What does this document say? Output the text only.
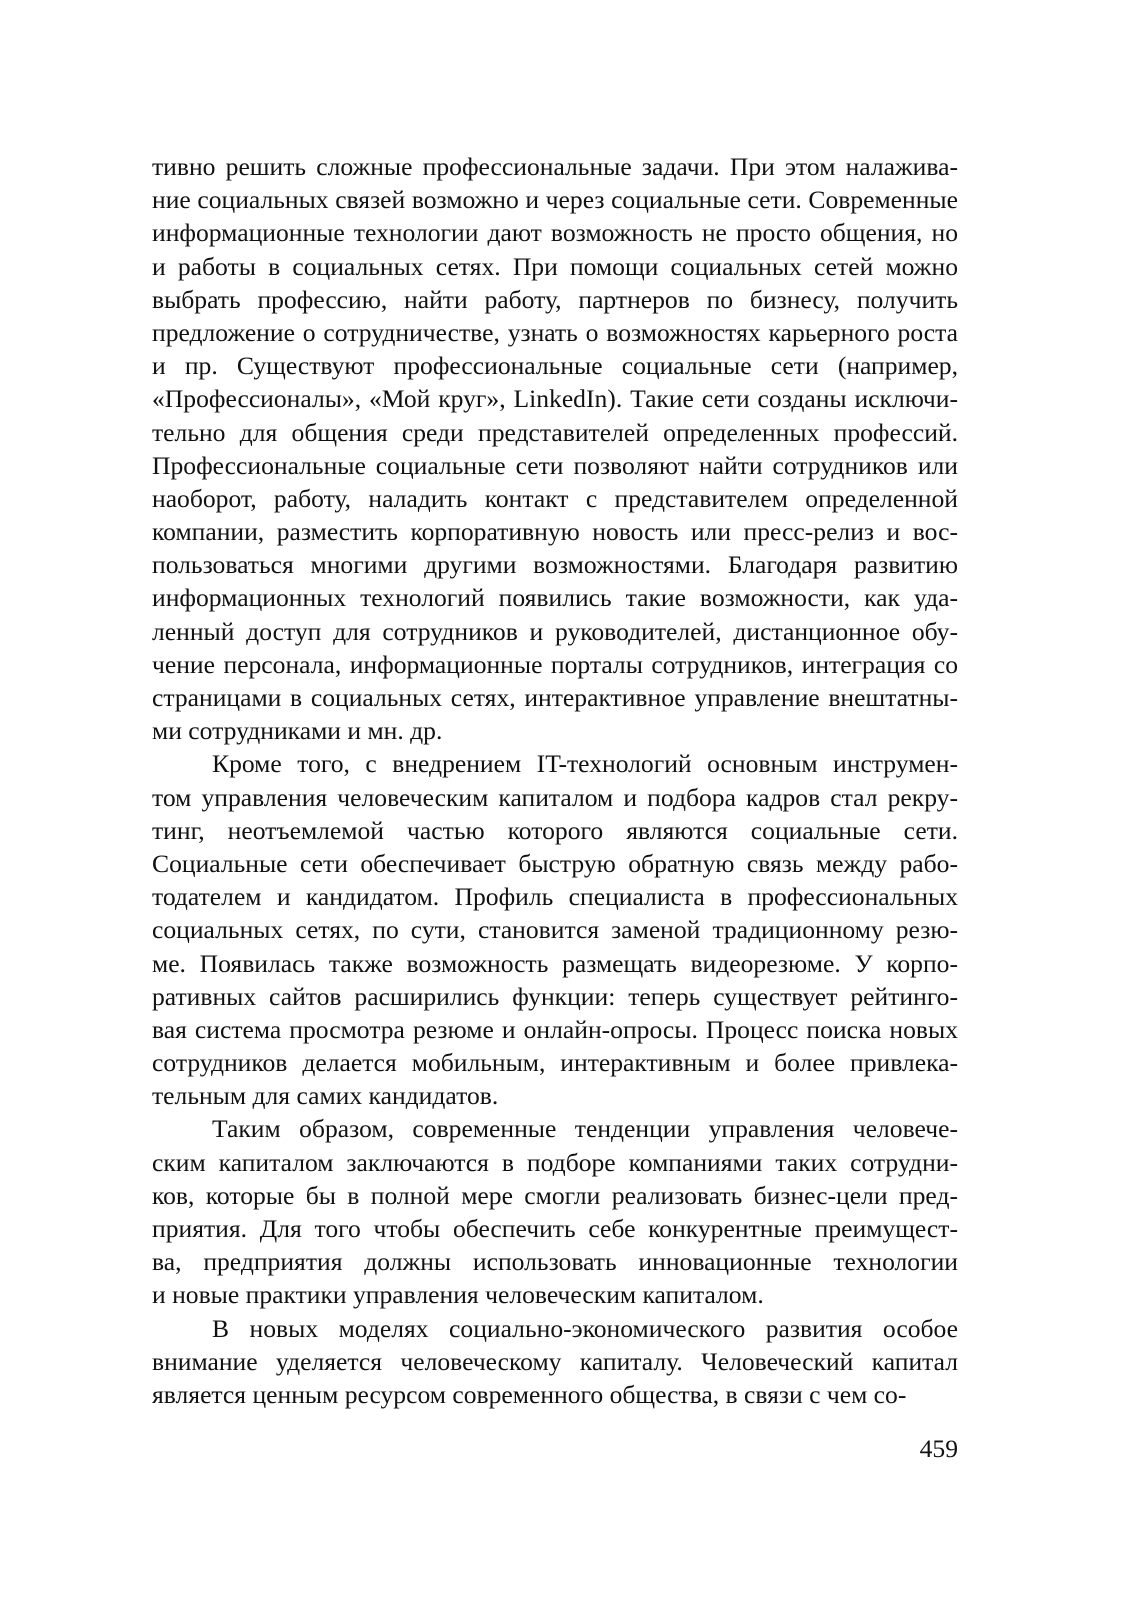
тивно решить сложные профессиональные задачи. При этом налажива-
ние социальных связей возможно и через социальные сети. Современные
информационные технологии дают возможность не просто общения, но
и работы в социальных сетях. При помощи социальных сетей можно
выбрать профессию, найти работу, партнеров по бизнесу, получить
предложение о сотрудничестве, узнать о возможностях карьерного роста
и пр. Существуют профессиональные социальные сети (например,
«Профессионалы», «Мой круг», LinkedIn). Такие сети созданы исключи-
тельно для общения среди представителей определенных профессий.
Профессиональные социальные сети позволяют найти сотрудников или
наоборот, работу, наладить контакт с представителем определенной
компании, разместить корпоративную новость или пресс-релиз и вос-
пользоваться многими другими возможностями. Благодаря развитию
информационных технологий появились такие возможности, как уда-
ленный доступ для сотрудников и руководителей, дистанционное обу-
чение персонала, информационные порталы сотрудников, интеграция со
страницами в социальных сетях, интерактивное управление внештатны-
ми сотрудниками и мн. др.
Кроме того, с внедрением IT-технологий основным инструмен-
том управления человеческим капиталом и подбора кадров стал рекру-
тинг, неотъемлемой частью которого являются социальные сети.
Социальные сети обеспечивает быструю обратную связь между рабо-
тодателем и кандидатом. Профиль специалиста в профессиональных
социальных сетях, по сути, становится заменой традиционному резю-
ме. Появилась также возможность размещать видеорезюме. У корпо-
ративных сайтов расширились функции: теперь существует рейтинго-
вая система просмотра резюме и онлайн-опросы. Процесс поиска новых
сотрудников делается мобильным, интерактивным и более привлека-
тельным для самих кандидатов.
Таким образом, современные тенденции управления человече-
ским капиталом заключаются в подборе компаниями таких сотрудни-
ков, которые бы в полной мере смогли реализовать бизнес-цели пред-
приятия. Для того чтобы обеспечить себе конкурентные преимущест-
ва, предприятия должны использовать инновационные технологии
и новые практики управления человеческим капиталом.
В новых моделях социально-экономического развития особое
внимание уделяется человеческому капиталу. Человеческий капитал
является ценным ресурсом современного общества, в связи с чем со-
459
